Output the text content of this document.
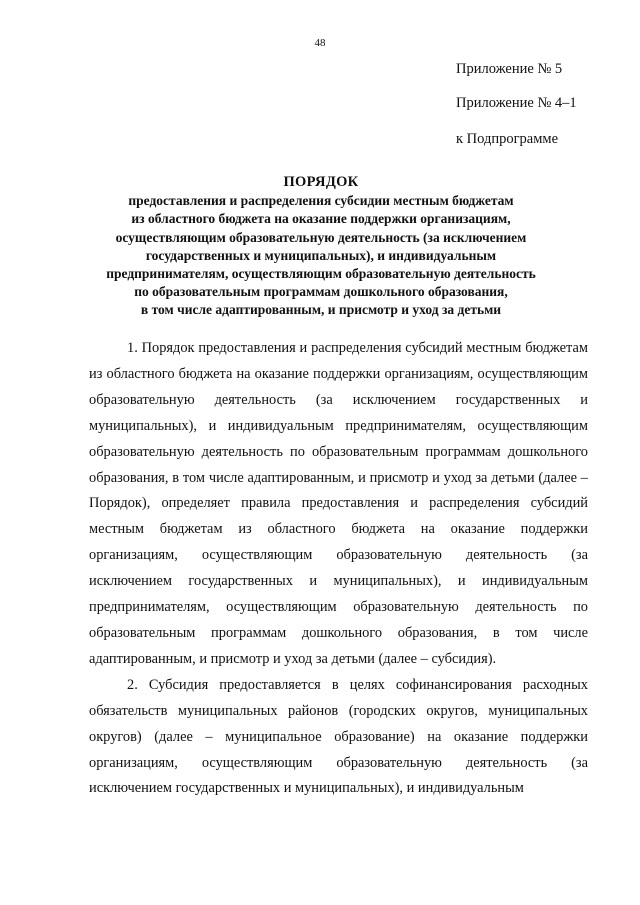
48
Приложение № 5
Приложение № 4–1
к Подпрограмме
ПОРЯДОК
предоставления и распределения субсидии местным бюджетам
из областного бюджета на оказание поддержки организациям,
осуществляющим образовательную деятельность (за исключением
государственных и муниципальных), и индивидуальным
предпринимателям, осуществляющим образовательную деятельность
по образовательным программам дошкольного образования,
в том числе адаптированным, и присмотр и уход за детьми

1. Порядок предоставления и распределения субсидий местным бюджетам из областного бюджета на оказание поддержки организациям, осуществляющим образовательную деятельность (за исключением государственных и муниципальных), и индивидуальным предпринимателям, осуществляющим образовательную деятельность по образовательным программам дошкольного образования, в том числе адаптированным, и присмотр и уход за детьми (далее – Порядок), определяет правила предоставления и распределения субсидий местным бюджетам из областного бюджета на оказание поддержки организациям, осуществляющим образовательную деятельность (за исключением государственных и муниципальных), и индивидуальным предпринимателям, осуществляющим образовательную деятельность по образовательным программам дошкольного образования, в том числе адаптированным, и присмотр и уход за детьми (далее – субсидия).

2. Субсидия предоставляется в целях софинансирования расходных обязательств муниципальных районов (городских округов, муниципальных округов) (далее – муниципальное образование) на оказание поддержки организациям, осуществляющим образовательную деятельность (за исключением государственных и муниципальных), и индивидуальным
